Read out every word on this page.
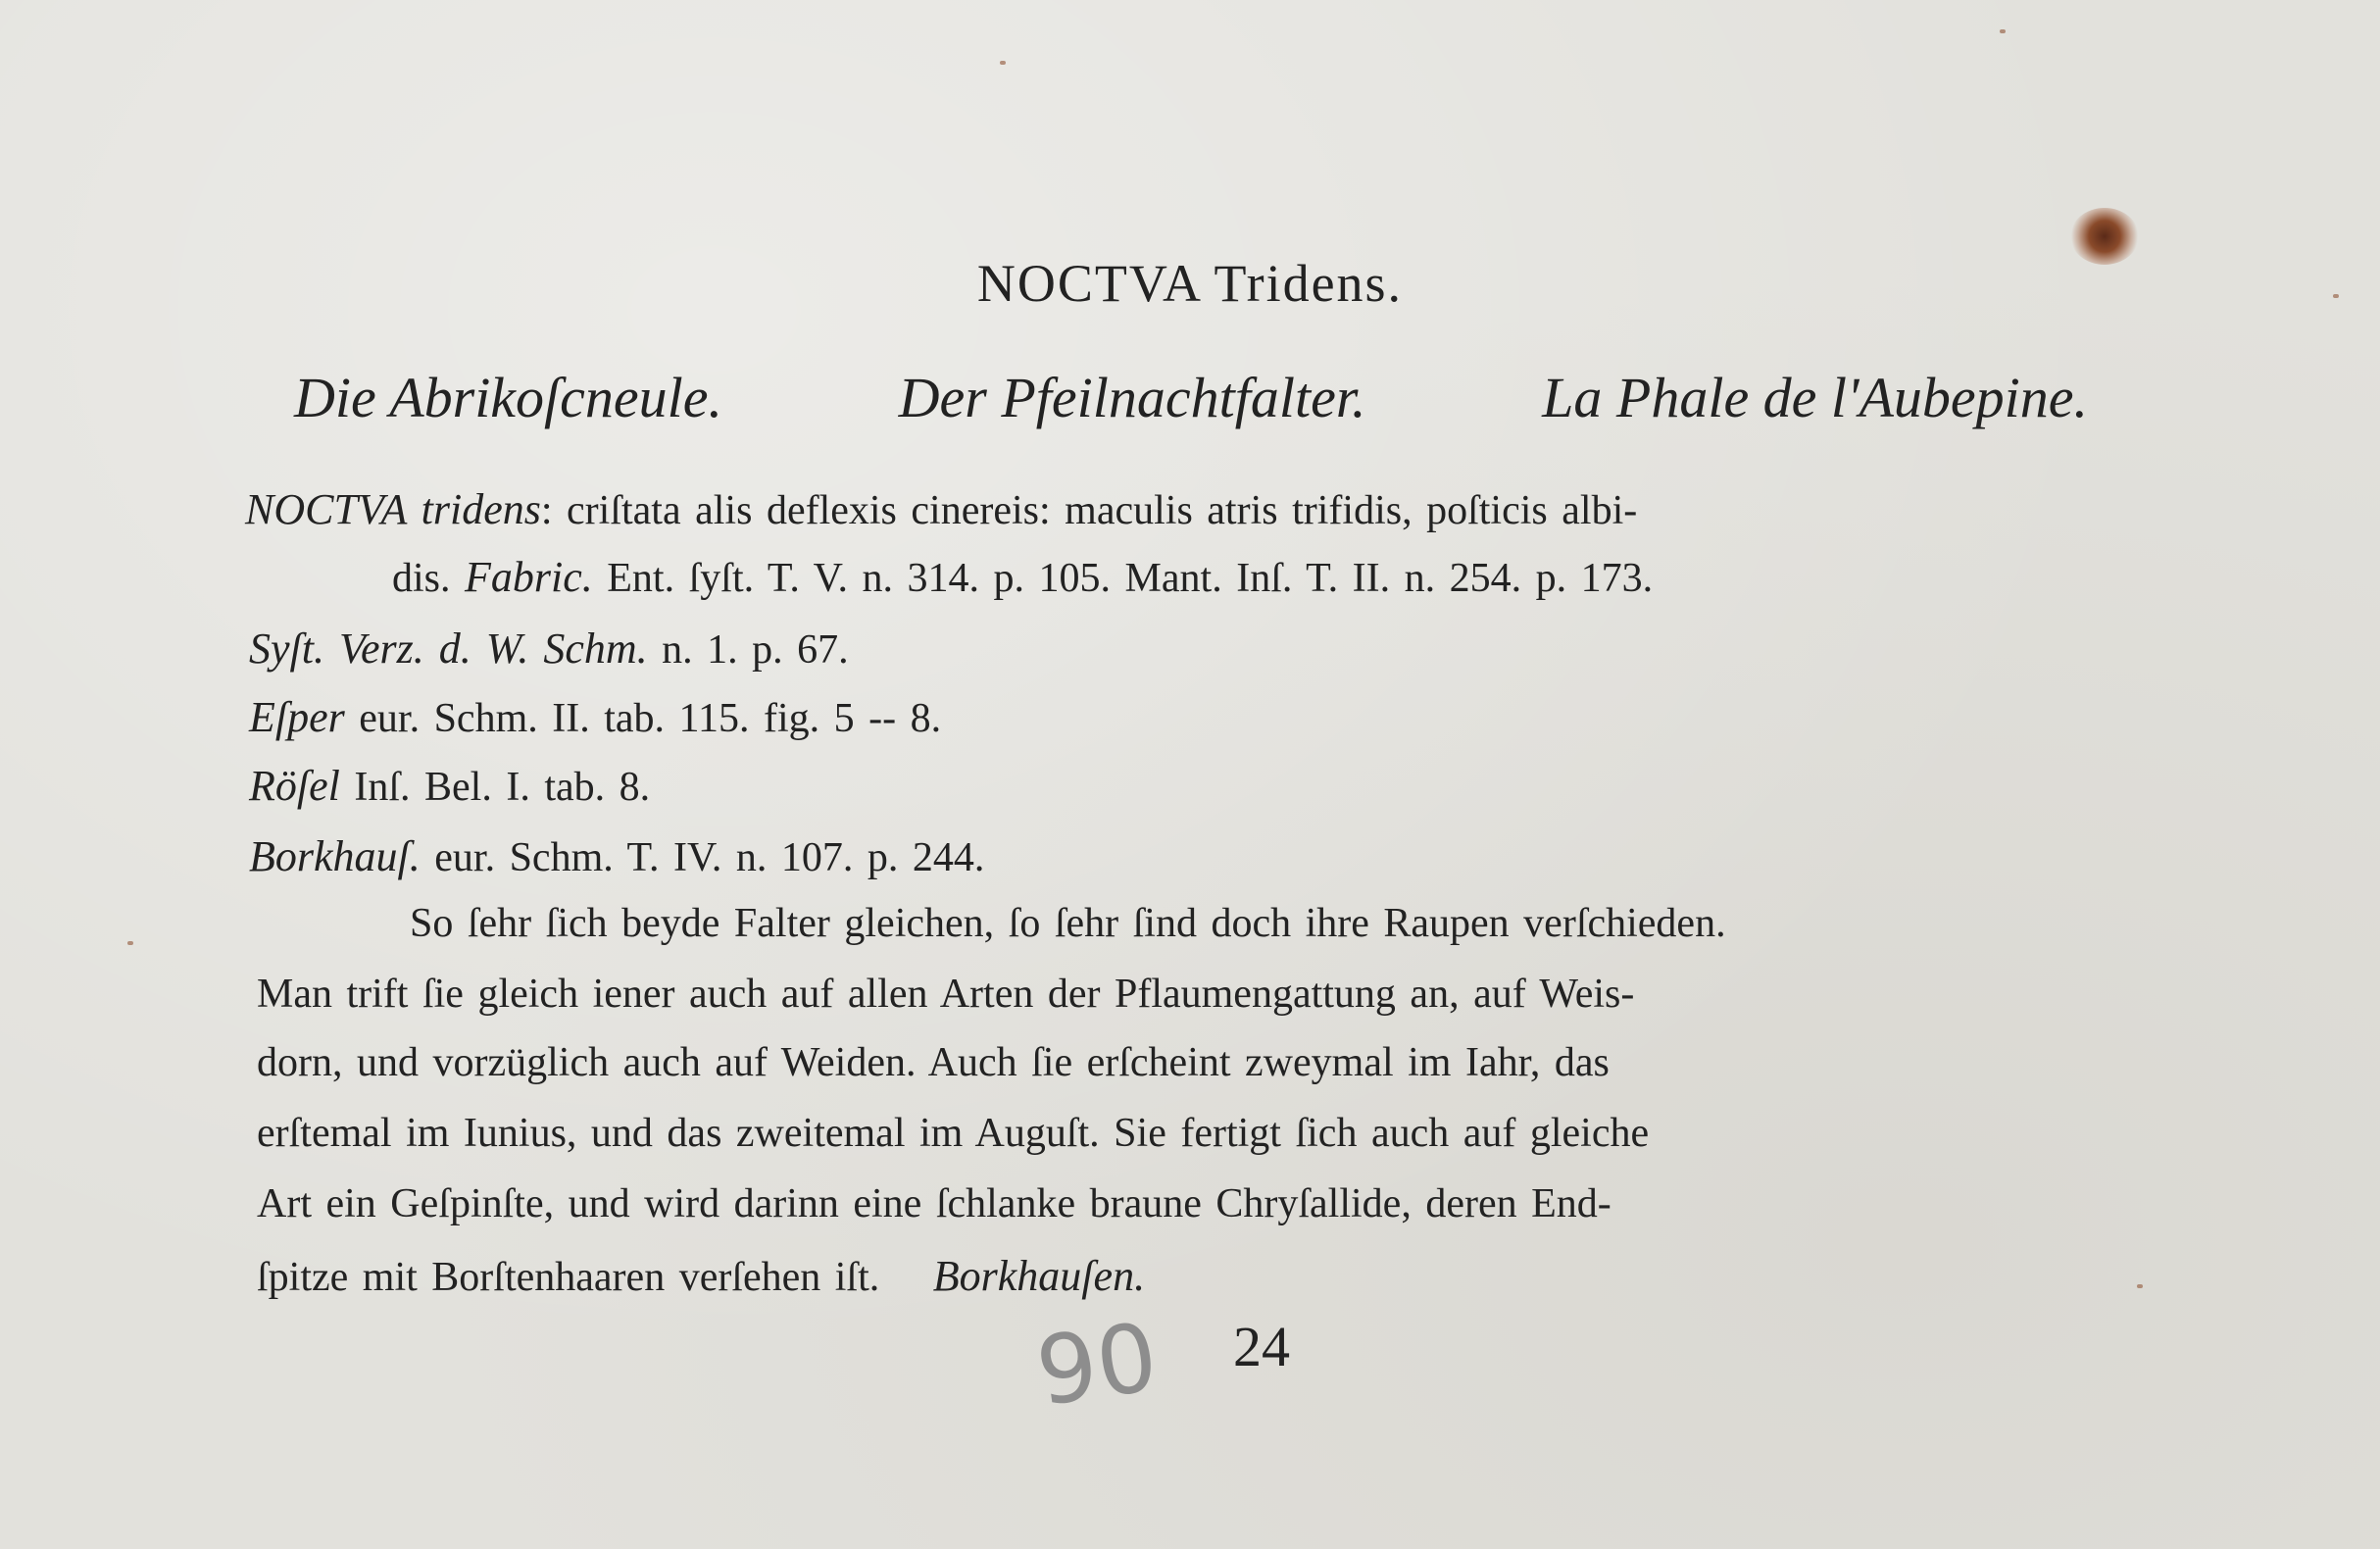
NOCTVA Tridens.
Die Abrikoſcneule.	Der Pfeilnachtfalter.	La Phale de l'Aubepine.
NOCTVA tridens: criſtata alis deflexis cinereis: maculis atris trifidis, poſticis albi-
dis. Fabric. Ent. ſyſt. T. V. n. 314. p. 105. Mant. Inſ. T. II. n. 254. p. 173.
Syſt. Verz. d. W. Schm. n. 1. p. 67.
Eſper eur. Schm. II. tab. 115. fig. 5 -- 8.
Röſel Inſ. Bel. I. tab. 8.
Borkhauſ. eur. Schm. T. IV. n. 107. p. 244.
So ſehr ſich beyde Falter gleichen, ſo ſehr ſind doch ihre Raupen verſchieden.
Man trift ſie gleich iener auch auf allen Arten der Pflaumengattung an, auf Weis-
dorn, und vorzüglich auch auf Weiden. Auch ſie erſcheint zweymal im Iahr, das
erſtemal im Iunius, und das zweitemal im Auguſt. Sie fertigt ſich auch auf gleiche
Art ein Geſpinſte, und wird darinn eine ſchlanke braune Chryſallide, deren End-
ſpitze mit Borſtenhaaren verſehen iſt. Borkhauſen.
90 24
